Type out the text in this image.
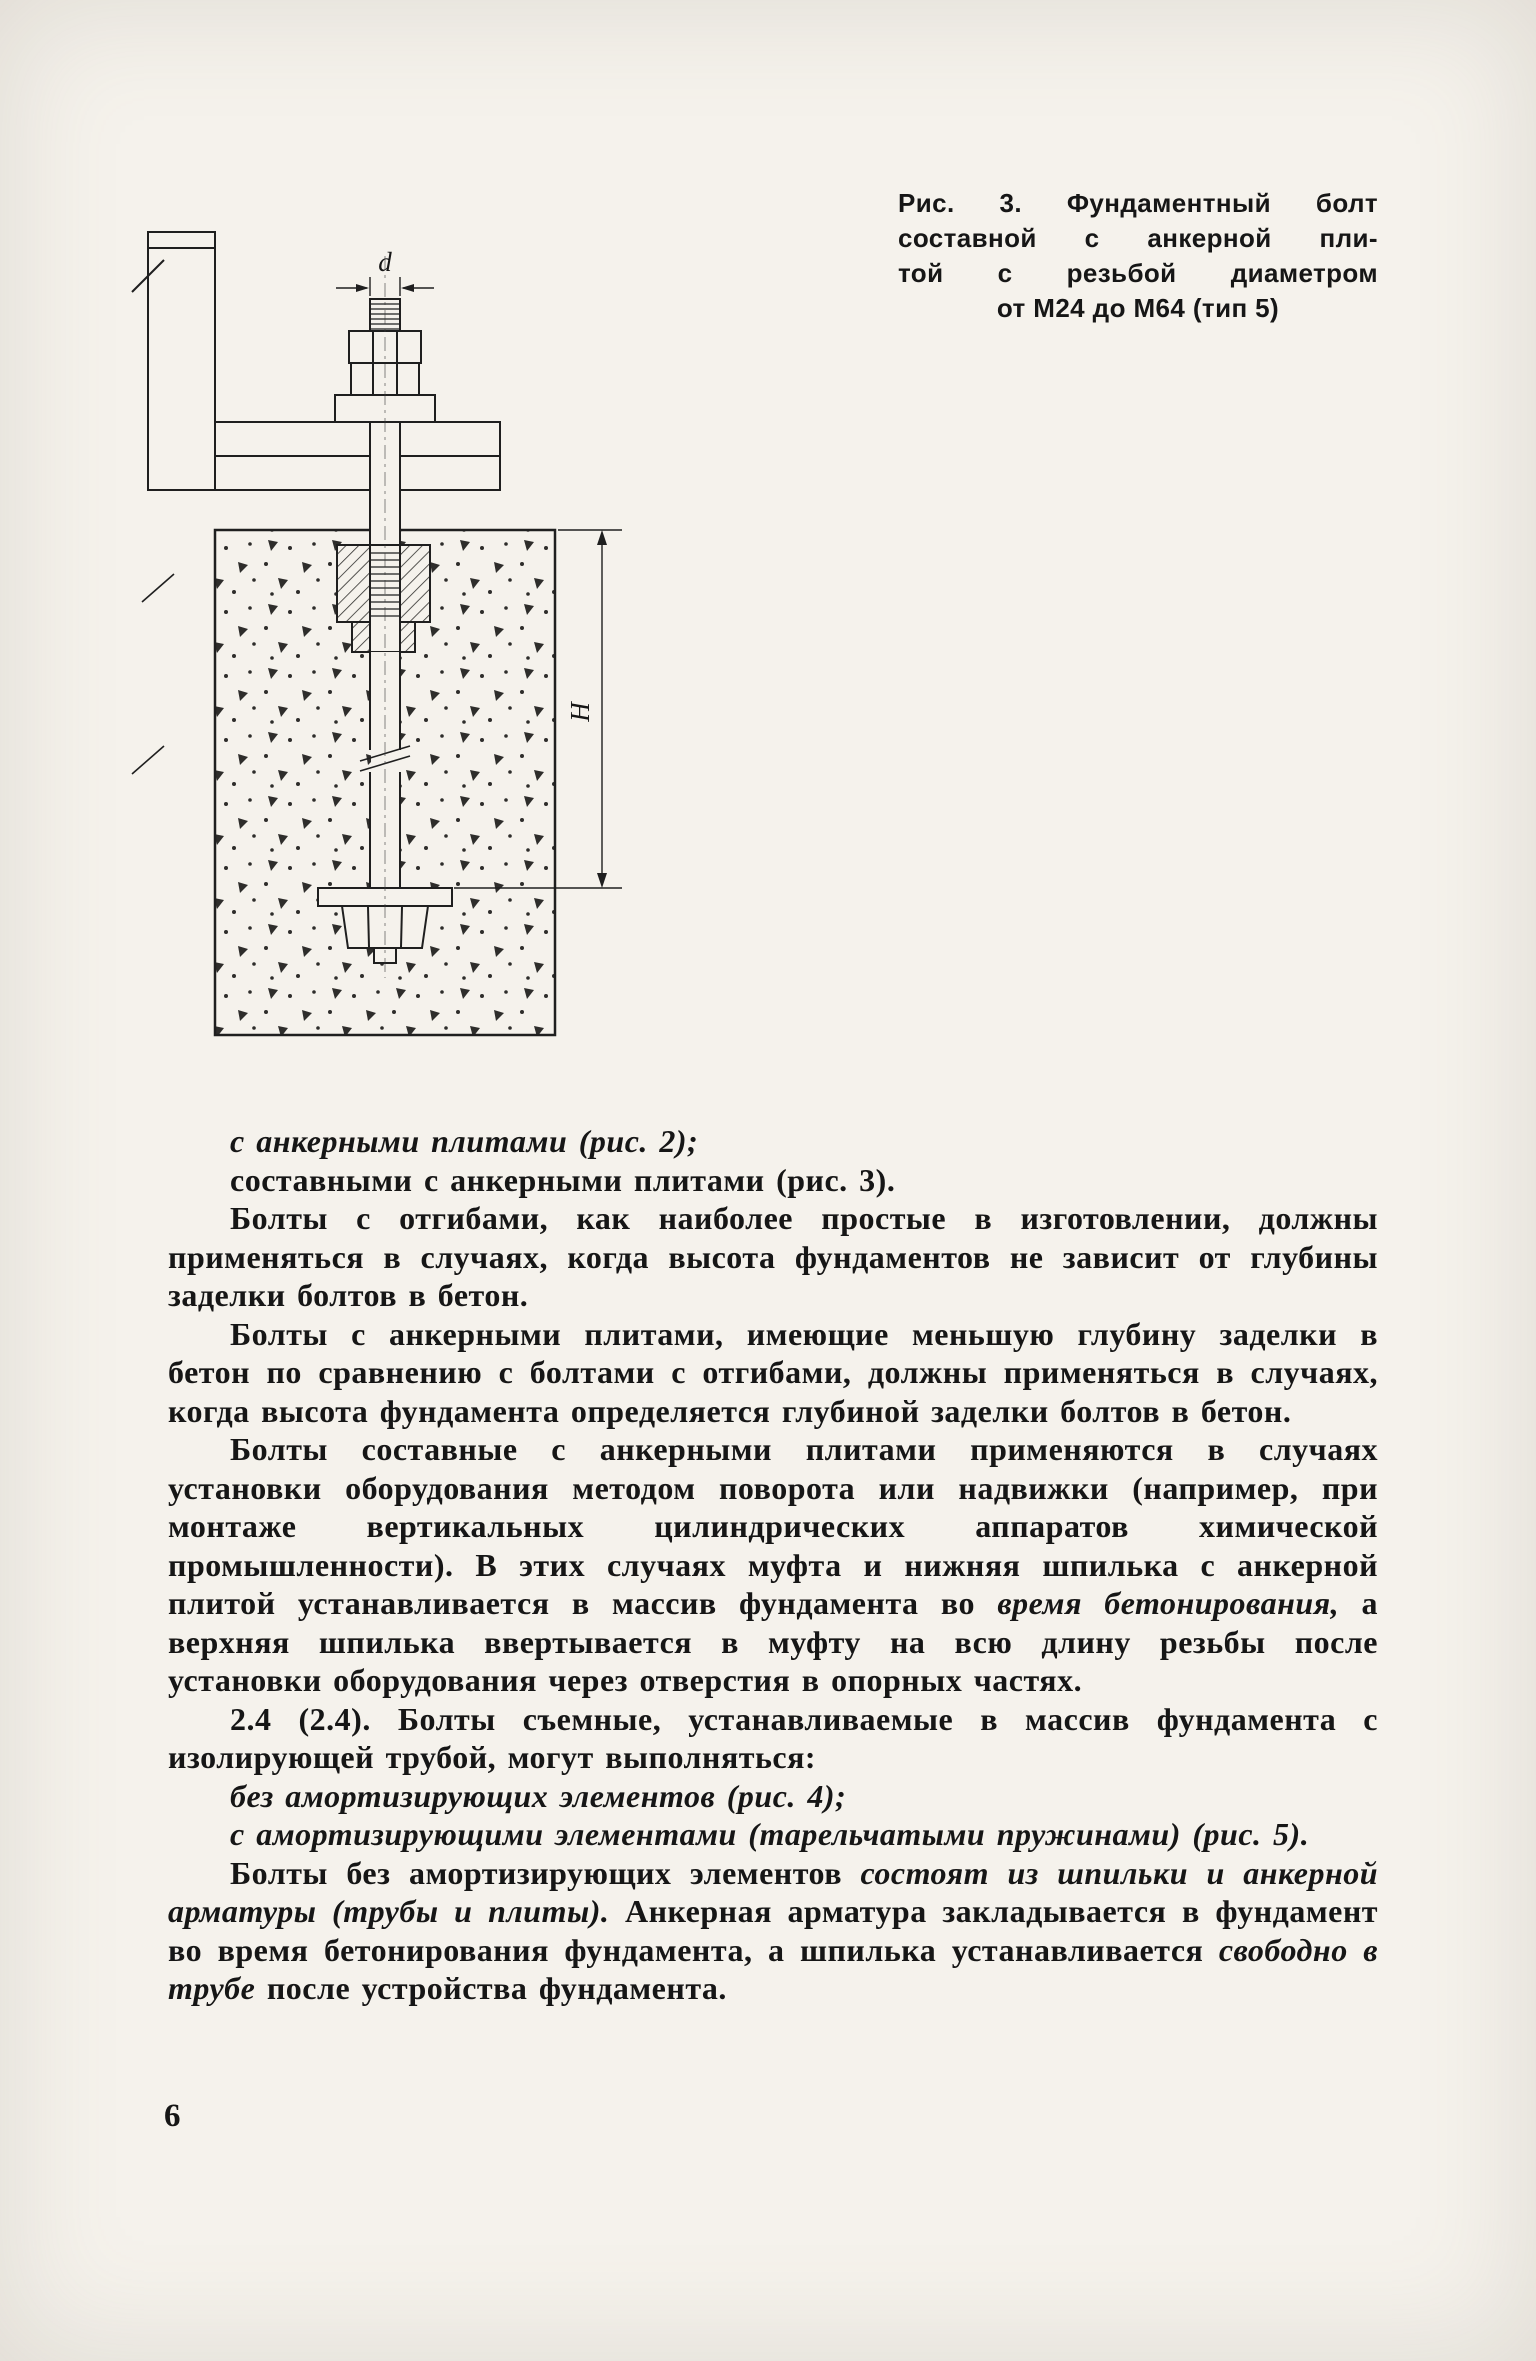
d
Н
Рис. 3. Фундаментный болт
составной с анкерной пли-
той с резьбой диаметром
от М24 до М64 (тип 5)

с анкерными плитами (рис. 2);

составными с анкерными плитами (рис. 3).

Болты с отгибами, как наиболее простые в изготовлении, должны применяться в случаях, когда высота фундаментов не зависит от глубины заделки болтов в бетон.

Болты с анкерными плитами, имеющие меньшую глубину заделки в бетон по сравнению с болтами с отгибами, должны применяться в случаях, когда высота фундамента определяется глубиной заделки болтов в бетон.

Болты составные с анкерными плитами применяются в случаях установки оборудования методом поворота или надвижки (например, при монтаже вертикальных цилиндрических аппаратов химической промышленности). В этих случаях муфта и нижняя шпилька с анкерной плитой устанавливается в массив фундамента во время бетонирования, а верхняя шпилька ввертывается в муфту на всю длину резьбы после установки оборудования через отверстия в опорных частях.

2.4 (2.4). Болты съемные, устанавливаемые в массив фундамента с изолирующей трубой, могут выполняться:

без амортизирующих элементов (рис. 4);

с амортизирующими элементами (тарельчатыми пружинами) (рис. 5).

Болты без амортизирующих элементов состоят из шпильки и анкерной арматуры (трубы и плиты). Анкерная арматура закладывается в фундамент во время бетонирования фундамента, а шпилька устанавливается свободно в трубе после устройства фундамента.

6
